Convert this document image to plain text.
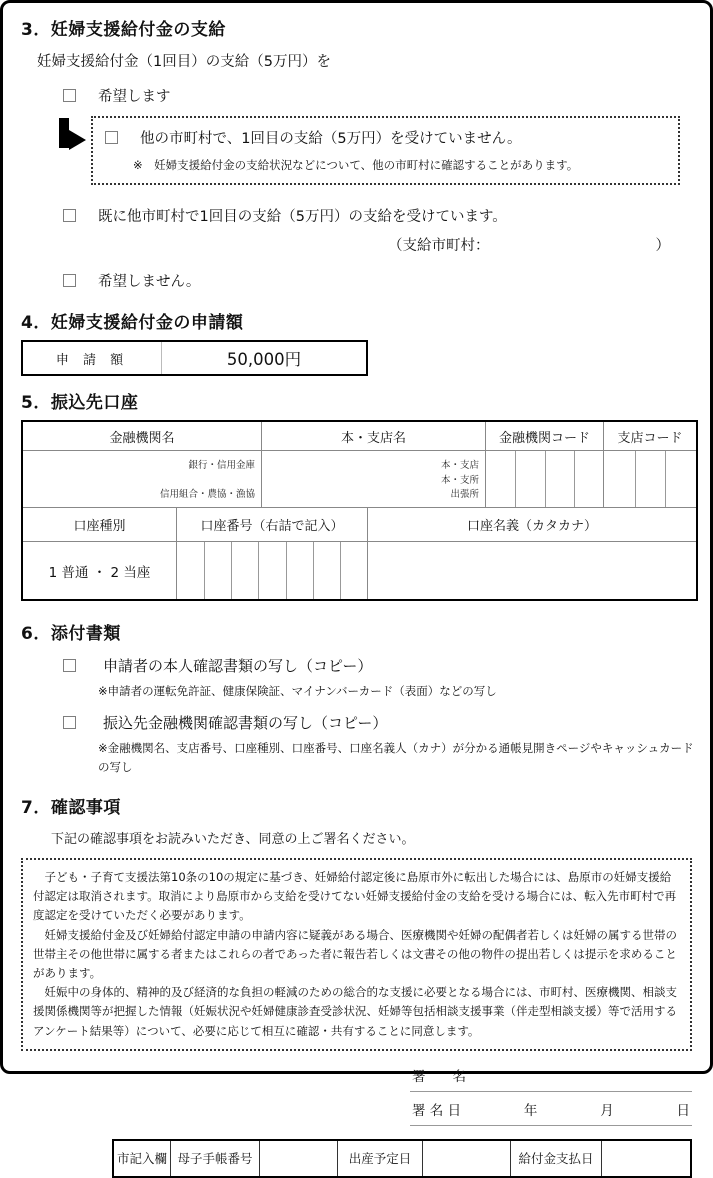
3．妊婦支援給付金の支給
妊婦支援給付金（1回目）の支給（5万円）を
希望します
他の市町村で、1回目の支給（5万円）を受けていません。
※　妊婦支援給付金の支給状況などについて、他の市町村に確認することがあります。
既に他市町村で1回目の支給（5万円）の支給を受けています。
（支給市町村：	）
希望しません。
4．妊婦支援給付金の申請額
申 請 額	50,000円
5．振込先口座
金融機関名	本・支店名	金融機関コード	支店コード
銀行・信用金庫
信用組合・農協・漁協
本・支店
本・支所
出張所
口座種別	口座番号（右詰で記入）	口座名義（カタカナ）
1 普通 ・ 2 当座
6．添付書類
申請者の本人確認書類の写し（コピー）
※申請者の運転免許証、健康保険証、マイナンバーカード（表面）などの写し
振込先金融機関確認書類の写し（コピー）
※金融機関名、支店番号、口座種別、口座番号、口座名義人（カナ）が分かる通帳見開きページやキャッシュカードの写し
7．確認事項
下記の確認事項をお読みいただき、同意の上ご署名ください。

子ども・子育て支援法第10条の10の規定に基づき、妊婦給付認定後に島原市外に転出した場合には、島原市の妊婦支援給付認定は取消されます。取消により島原市から支給を受けてない妊婦支援給付金の支給を受ける場合には、転入先市町村で再度認定を受けていただく必要があります。

妊婦支援給付金及び妊婦給付認定申請の申請内容に疑義がある場合、医療機関や妊婦の配偶者若しくは妊婦の属する世帯の世帯主その他世帯に属する者またはこれらの者であった者に報告若しくは文書その他の物件の提出若しくは提示を求めることがあります。

妊娠中の身体的、精神的及び経済的な負担の軽減のための総合的な支援に必要となる場合には、市町村、医療機関、相談支援関係機関等が把握した情報（妊娠状況や妊婦健康診査受診状況、妊婦等包括相談支援事業（伴走型相談支援）等で活用するアンケート結果等）について、必要に応じて相互に確認・共有することに同意します。

署　　名
署 名 日	年	月	日
市記入欄 母子手帳番号	出産予定日	給付金支払日
